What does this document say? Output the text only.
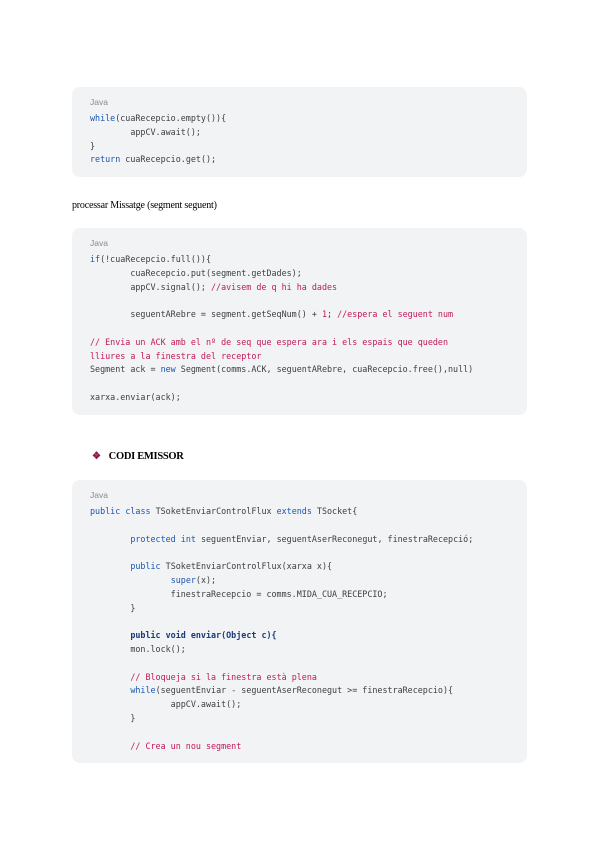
Java
while(cuaRecepcio.empty()){
appCV.await();
}
return cuaRecepcio.get();
processar Missatge (segment seguent)
Java
if(!cuaRecepcio.full()){
cuaRecepcio.put(segment.getDades);
appCV.signal(); //avisem de q hi ha dades
seguentARebre = segment.getSeqNum() + 1; //espera el seguent num
// Envia un ACK amb el nº de seq que espera ara i els espais que queden
lliures a la finestra del receptor
Segment ack = new Segment(comms.ACK, seguentARebre, cuaRecepcio.free(),null)
xarxa.enviar(ack);
❖ CODI EMISSOR
Java
public class TSoketEnviarControlFlux extends TSocket{
protected int seguentEnviar, seguentAserReconegut, finestraRecepció;
public TSoketEnviarControlFlux(xarxa x){
super(x);
finestraRecepcio = comms.MIDA_CUA_RECEPCIO;
}
public void enviar(Object c){
mon.lock();
// Bloqueja si la finestra està plena
while(seguentEnviar - seguentAserReconegut >= finestraRecepcio){
appCV.await();
}
// Crea un nou segment
